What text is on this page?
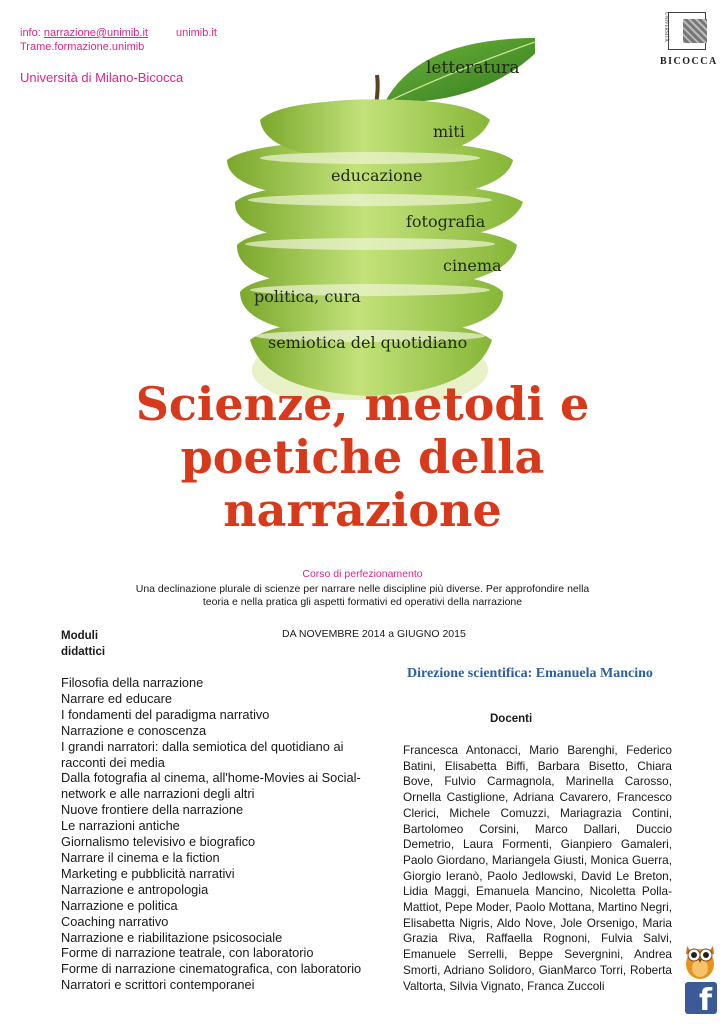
info: narrazione@unimib.it	unimib.it
Trame.formazione.unimib
Università di Milano-Bicocca
UNIVERSITÀ
BICOCCA
letteratura
miti
educazione
fotografia
cinema
politica, cura
semiotica del quotidiano
Scienze, metodi e
poetiche della
narrazione
Corso di perfezionamento
Una declinazione plurale di scienze per narrare nelle discipline più diverse. Per approfondire nella teoria e nella pratica gli aspetti formativi ed operativi della narrazione
Moduli didattici
DA NOVEMBRE 2014 a GIUGNO 2015
Filosofia della narrazione
Narrare ed educare
I fondamenti del paradigma narrativo
Narrazione e conoscenza
I grandi narratori: dalla semiotica del quotidiano ai racconti dei media
Dalla fotografia al cinema, all'home-Movies ai Social-network e alle narrazioni degli altri
Nuove frontiere della narrazione
Le narrazioni antiche
Giornalismo televisivo e biografico
Narrare il cinema e la fiction
Marketing e pubblicità narrativi
Narrazione e antropologia
Narrazione e politica
Coaching narrativo
Narrazione e riabilitazione psicosociale
Forme di narrazione teatrale, con laboratorio
Forme di narrazione cinematografica, con laboratorio
Narratori e scrittori contemporanei
Direzione scientifica: Emanuela Mancino
Docenti
Francesca Antonacci, Mario Barenghi, Federico Batini, Elisabetta Biffi, Barbara Bisetto, Chiara Bove, Fulvio Carmagnola, Marinella Carosso, Ornella Castiglione, Adriana Cavarero, Francesco Clerici, Michele Comuzzi, Mariagrazia Contini, Bartolomeo Corsini, Marco Dallari, Duccio Demetrio, Laura Formenti, Gianpiero Gamaleri, Paolo Giordano, Mariangela Giusti, Monica Guerra, Giorgio Ieranò, Paolo Jedlowski, David Le Breton, Lidia Maggi, Emanuela Mancino, Nicoletta Polla-Mattiot, Pepe Moder, Paolo Mottana, Martino Negri, Elisabetta Nigris, Aldo Nove, Jole Orsenigo, Maria Grazia Riva, Raffaella Rognoni, Fulvia Salvi, Emanuele Serrelli, Beppe Severgnini, Andrea Smorti, Adriano Solidoro, GianMarco Torri, Roberta Valtorta, Silvia Vignato, Franca Zuccoli	f
